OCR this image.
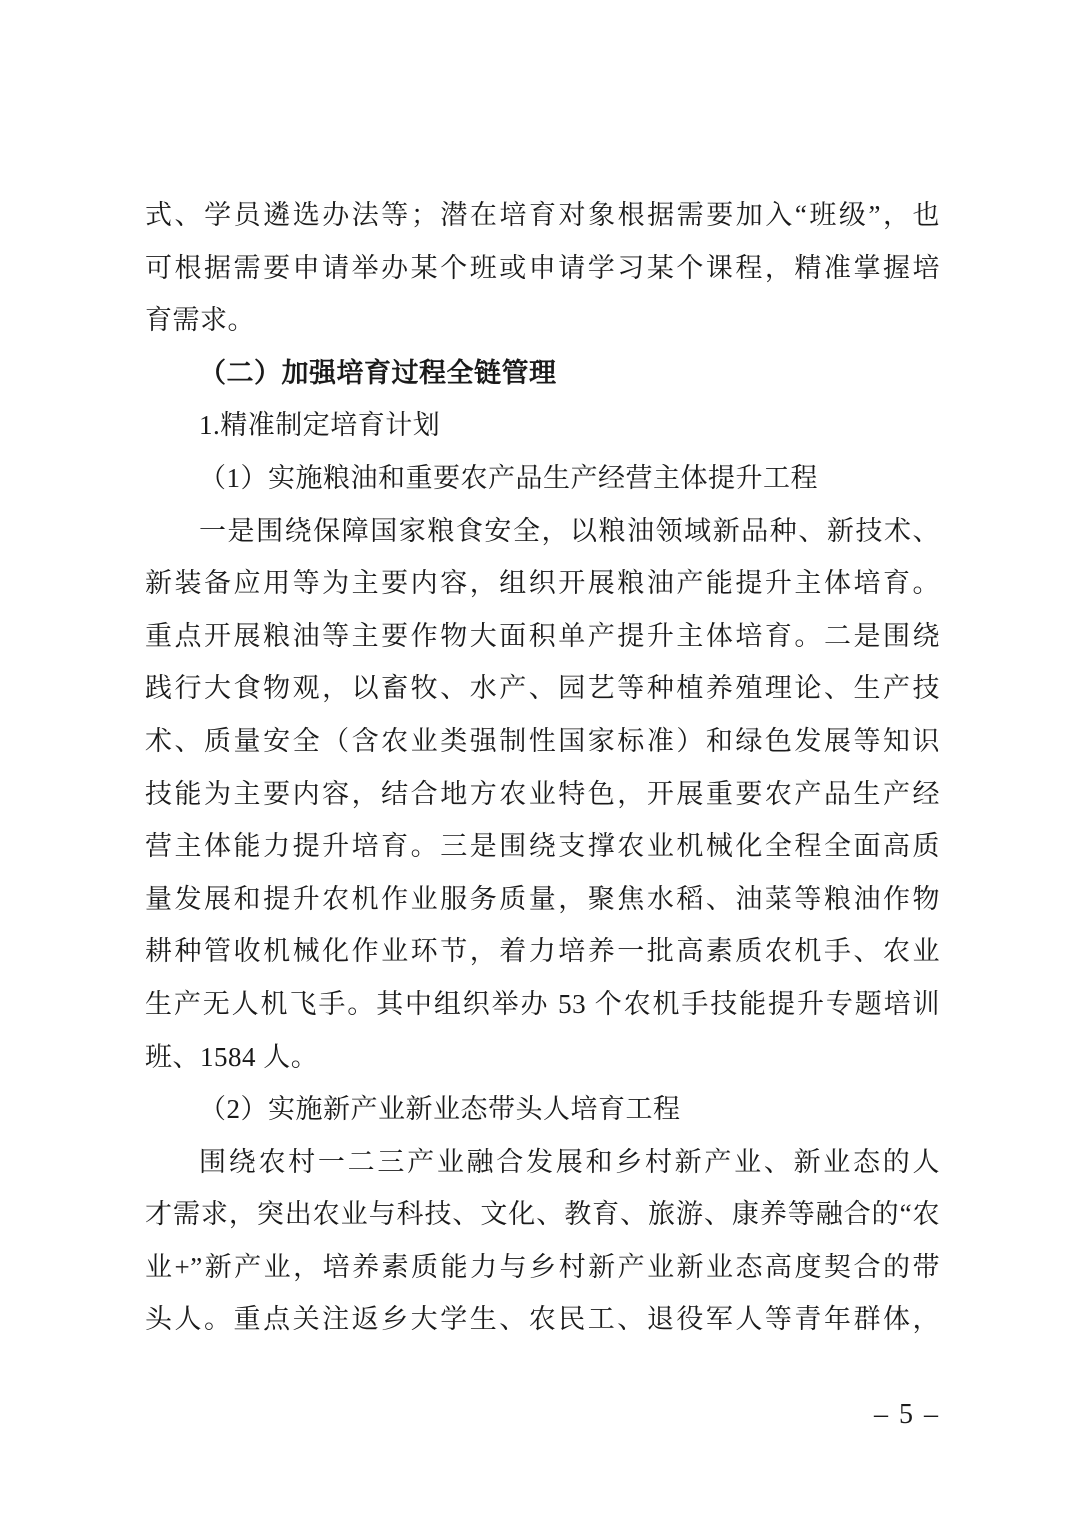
式、学员遴选办法等；潜在培育对象根据需要加入“班级”，也
可根据需要申请举办某个班或申请学习某个课程，精准掌握培
育需求。
（二）加强培育过程全链管理
1.精准制定培育计划
（1）实施粮油和重要农产品生产经营主体提升工程
一是围绕保障国家粮食安全，以粮油领域新品种、新技术、
新装备应用等为主要内容，组织开展粮油产能提升主体培育。
重点开展粮油等主要作物大面积单产提升主体培育。二是围绕
践行大食物观，以畜牧、水产、园艺等种植养殖理论、生产技
术、质量安全（含农业类强制性国家标准）和绿色发展等知识
技能为主要内容，结合地方农业特色，开展重要农产品生产经
营主体能力提升培育。三是围绕支撑农业机械化全程全面高质
量发展和提升农机作业服务质量，聚焦水稻、油菜等粮油作物
耕种管收机械化作业环节，着力培养一批高素质农机手、农业
生产无人机飞手。其中组织举办 53 个农机手技能提升专题培训
班、1584 人。
（2）实施新产业新业态带头人培育工程
围绕农村一二三产业融合发展和乡村新产业、新业态的人
才需求，突出农业与科技、文化、教育、旅游、康养等融合的“农
业+”新产业，培养素质能力与乡村新产业新业态高度契合的带
头人。重点关注返乡大学生、农民工、退役军人等青年群体，
– 5 –
